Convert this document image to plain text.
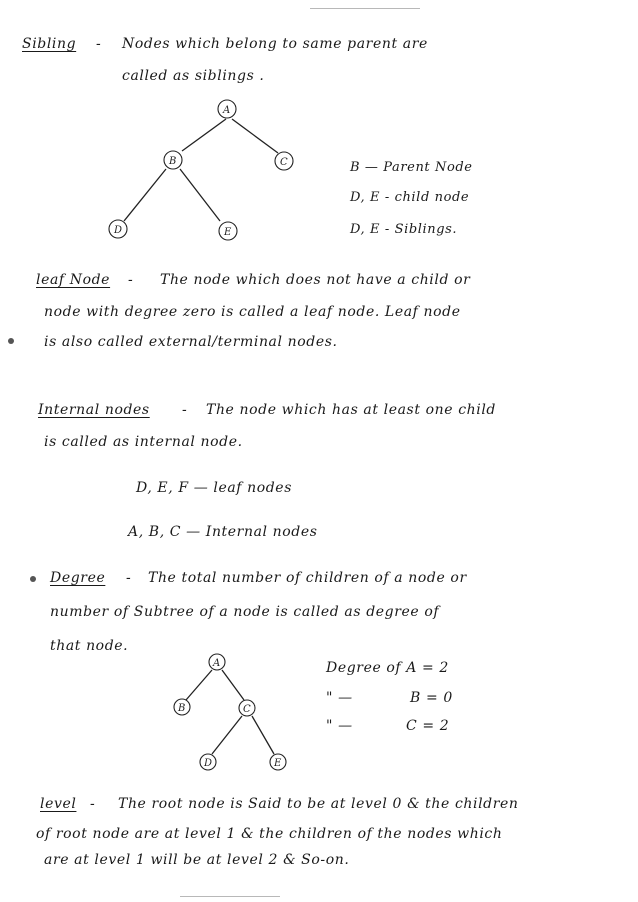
Sibling - Nodes which belong to same parent are
called as siblings .
A
B	C
D	E
B — Parent Node
D, E - child node
D, E - Siblings.
leaf Node - The node which does not have a child or
node with degree zero is called a leaf node. Leaf node
is also called external/terminal nodes.
Internal nodes - The node which has at least one child
is called as internal node.
D, E, F — leaf nodes
A, B, C — Internal nodes
Degree - The total number of children of a node or
number of Subtree of a node is called as degree of
that node.
A
B	C
D	E
Degree of A = 2
" —	B = 0
" —	C = 2
level - The root node is Said to be at level 0 & the children
of root node are at level 1 & the children of the nodes which
are at level 1 will be at level 2 & So-on.
